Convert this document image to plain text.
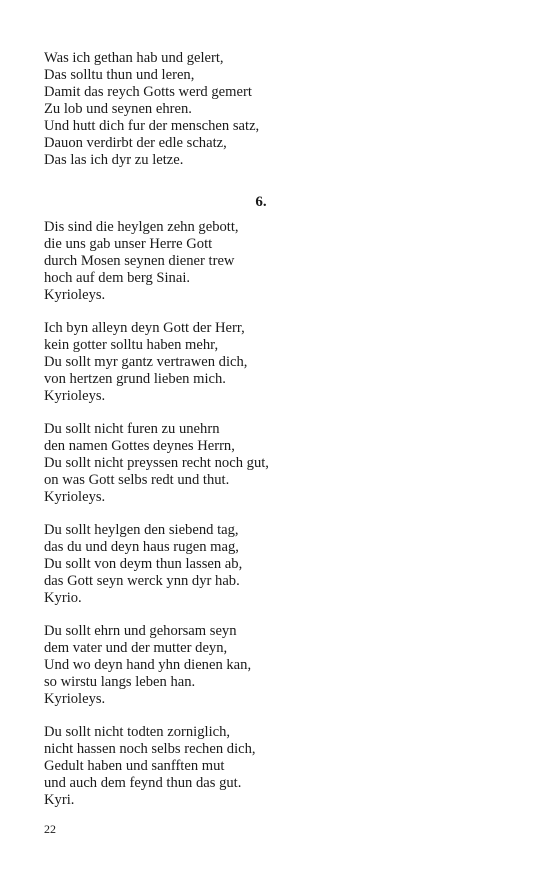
Was ich gethan hab und gelert,
Das solltu thun und leren,
Damit das reych Gotts werd gemert
Zu lob und seynen ehren.
Und hutt dich fur der menschen satz,
Dauon verdirbt der edle schatz,
Das las ich dyr zu letze.
6.
Dis sind die heylgen zehn gebott,
die uns gab unser Herre Gott
durch Mosen seynen diener trew
hoch auf dem berg Sinai.
Kyrioleys.
Ich byn alleyn deyn Gott der Herr,
kein gotter solltu haben mehr,
Du sollt myr gantz vertrawen dich,
von hertzen grund lieben mich.
Kyrioleys.
Du sollt nicht furen zu unehrn
den namen Gottes deynes Herrn,
Du sollt nicht preyssen recht noch gut,
on was Gott selbs redt und thut.
Kyrioleys.
Du sollt heylgen den siebend tag,
das du und deyn haus rugen mag,
Du sollt von deym thun lassen ab,
das Gott seyn werck ynn dyr hab.
Kyrio.
Du sollt ehrn und gehorsam seyn
dem vater und der mutter deyn,
Und wo deyn hand yhn dienen kan,
so wirstu langs leben han.
Kyrioleys.
Du sollt nicht todten zorniglich,
nicht hassen noch selbs rechen dich,
Gedult haben und sanfften mut
und auch dem feynd thun das gut.
Kyri.
22
